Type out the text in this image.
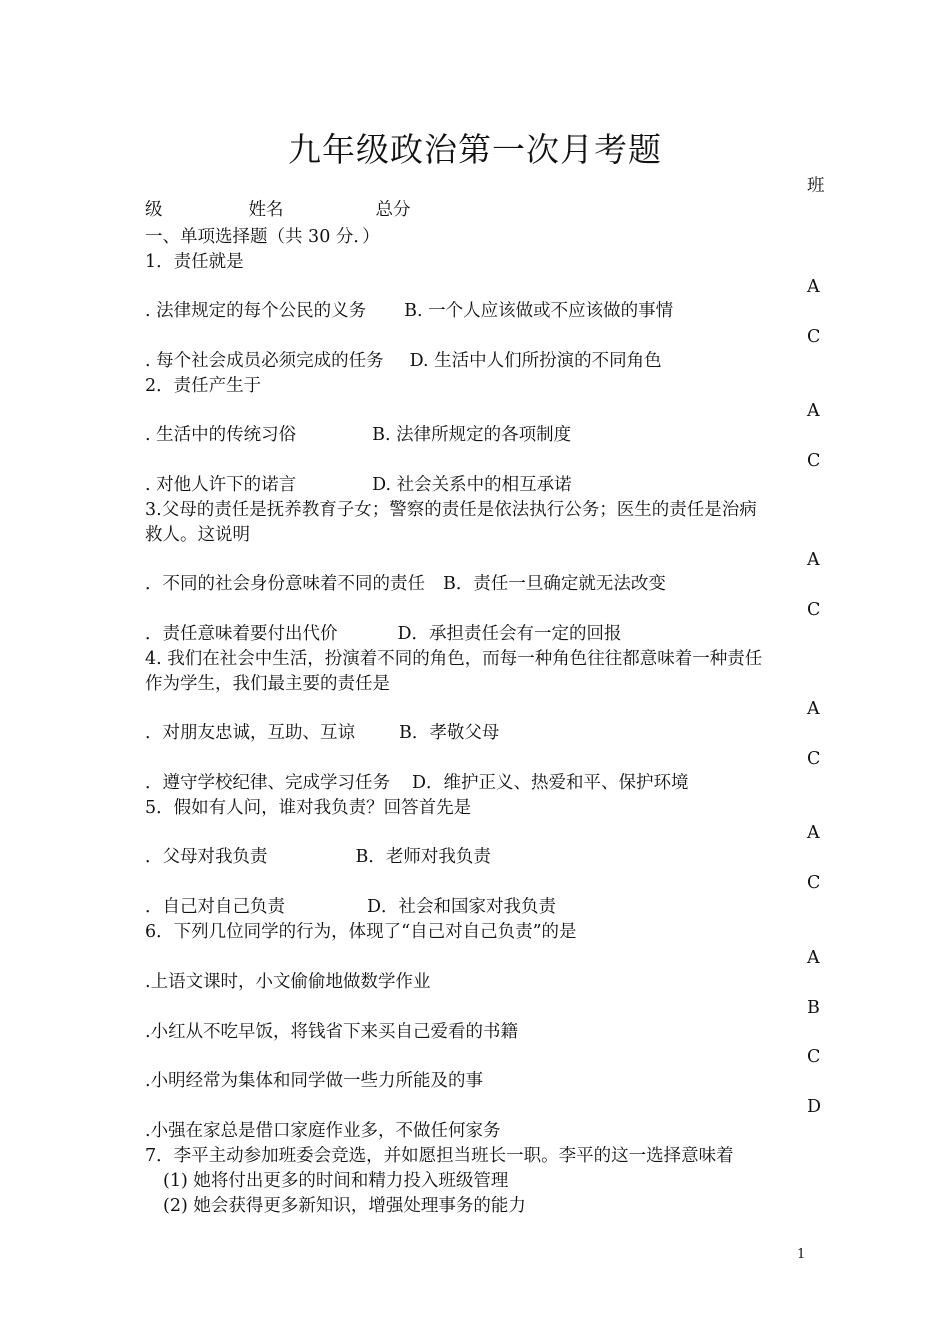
九年级政治第一次月考题
班
级	姓名	总分
一、单项选择题（共 30 分．）
1．责任就是
A
. 法律规定的每个公民的义务 B. 一个人应该做或不应该做的事情
C
. 每个社会成员必须完成的任务 D. 生活中人们所扮演的不同角色
2．责任产生于
A
. 生活中的传统习俗	B. 法律所规定的各项制度
C
. 对他人许下的诺言	D. 社会关系中的相互承诺
3.父母的责任是抚养教育子女；警察的责任是依法执行公务；医生的责任是治病
救人。这说明
A
．不同的社会身份意味着不同的责任 B．责任一旦确定就无法改变
C
．责任意味着要付出代价	D．承担责任会有一定的回报
4. 我们在社会中生活，扮演着不同的角色，而每一种角色往往都意味着一种责任
作为学生，我们最主要的责任是
A
．对朋友忠诚，互助、互谅	B．孝敬父母
C
．遵守学校纪律、完成学习任务 D．维护正义、热爱和平、保护环境
5．假如有人问，谁对我负责？回答首先是
A
．父母对我负责	B．老师对我负责
C
．自己对自己负责	D．社会和国家对我负责
6．下列几位同学的行为，体现了“自己对自己负责”的是
A
.上语文课时，小文偷偷地做数学作业
B
.小红从不吃早饭，将钱省下来买自己爱看的书籍
C
.小明经常为集体和同学做一些力所能及的事
D
.小强在家总是借口家庭作业多，不做任何家务
7．李平主动参加班委会竞选，并如愿担当班长一职。李平的这一选择意味着
(1) 她将付出更多的时间和精力投入班级管理
(2) 她会获得更多新知识，增强处理事务的能力
1
